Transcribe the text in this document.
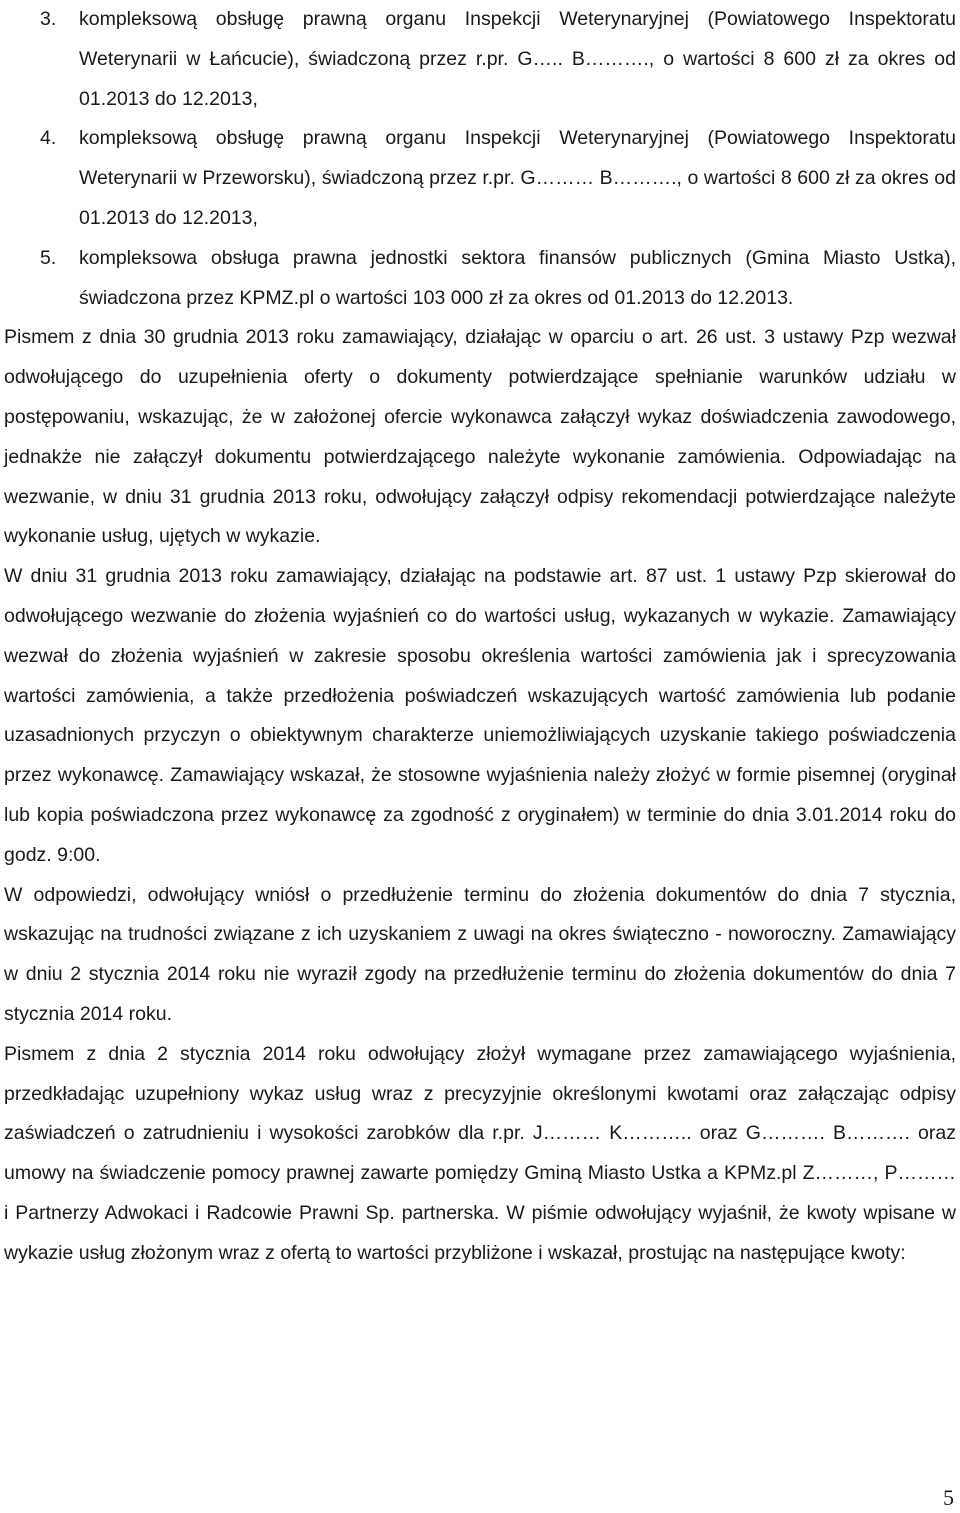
3. kompleksową obsługę prawną organu Inspekcji Weterynaryjnej (Powiatowego Inspektoratu Weterynarii w Łańcucie), świadczoną przez r.pr. G….. B………., o wartości 8 600 zł za okres od 01.2013 do 12.2013,
4. kompleksową obsługę prawną organu Inspekcji Weterynaryjnej (Powiatowego Inspektoratu Weterynarii w Przeworsku), świadczoną przez r.pr. G……… B………., o wartości 8 600 zł za okres od 01.2013 do 12.2013,
5. kompleksowa obsługa prawna jednostki sektora finansów publicznych (Gmina Miasto Ustka), świadczona przez KPMZ.pl o wartości 103 000 zł za okres od 01.2013 do 12.2013.
Pismem z dnia 30 grudnia 2013 roku zamawiający, działając w oparciu o art. 26 ust. 3 ustawy Pzp wezwał odwołującego do uzupełnienia oferty o dokumenty potwierdzające spełnianie warunków udziału w postępowaniu, wskazując, że w założonej ofercie wykonawca załączył wykaz doświadczenia zawodowego, jednakże nie załączył dokumentu potwierdzającego należyte wykonanie zamówienia. Odpowiadając na wezwanie, w dniu 31 grudnia 2013 roku, odwołujący załączył odpisy rekomendacji potwierdzające należyte wykonanie usług, ujętych w wykazie.
W dniu 31 grudnia 2013 roku zamawiający, działając na podstawie art. 87 ust. 1 ustawy Pzp skierował do odwołującego wezwanie do złożenia wyjaśnień co do wartości usług, wykazanych w wykazie. Zamawiający wezwał do złożenia wyjaśnień w zakresie sposobu określenia wartości zamówienia jak i sprecyzowania wartości zamówienia, a także przedłożenia poświadczeń wskazujących wartość zamówienia lub podanie uzasadnionych przyczyn o obiektywnym charakterze uniemożliwiających uzyskanie takiego poświadczenia przez wykonawcę. Zamawiający wskazał, że stosowne wyjaśnienia należy złożyć w formie pisemnej (oryginał lub kopia poświadczona przez wykonawcę za zgodność z oryginałem) w terminie do dnia 3.01.2014 roku do godz. 9:00.
W odpowiedzi, odwołujący wniósł o przedłużenie terminu do złożenia dokumentów do dnia 7 stycznia, wskazując na trudności związane z ich uzyskaniem z uwagi na okres świąteczno - noworoczny. Zamawiający w dniu 2 stycznia 2014 roku nie wyraził zgody na przedłużenie terminu do złożenia dokumentów do dnia 7 stycznia 2014 roku.
Pismem z dnia 2 stycznia 2014 roku odwołujący złożył wymagane przez zamawiającego wyjaśnienia, przedkładając uzupełniony wykaz usług wraz z precyzyjnie określonymi kwotami oraz załączając odpisy zaświadczeń o zatrudnieniu i wysokości zarobków dla r.pr. J……… K……….. oraz G………. B………. oraz umowy na świadczenie pomocy prawnej zawarte pomiędzy Gminą Miasto Ustka a KPMz.pl Z………, P……… i Partnerzy Adwokaci i Radcowie Prawni Sp. partnerska. W piśmie odwołujący wyjaśnił, że kwoty wpisane w wykazie usług złożonym wraz z ofertą to wartości przybliżone i wskazał, prostując na następujące kwoty:
5
